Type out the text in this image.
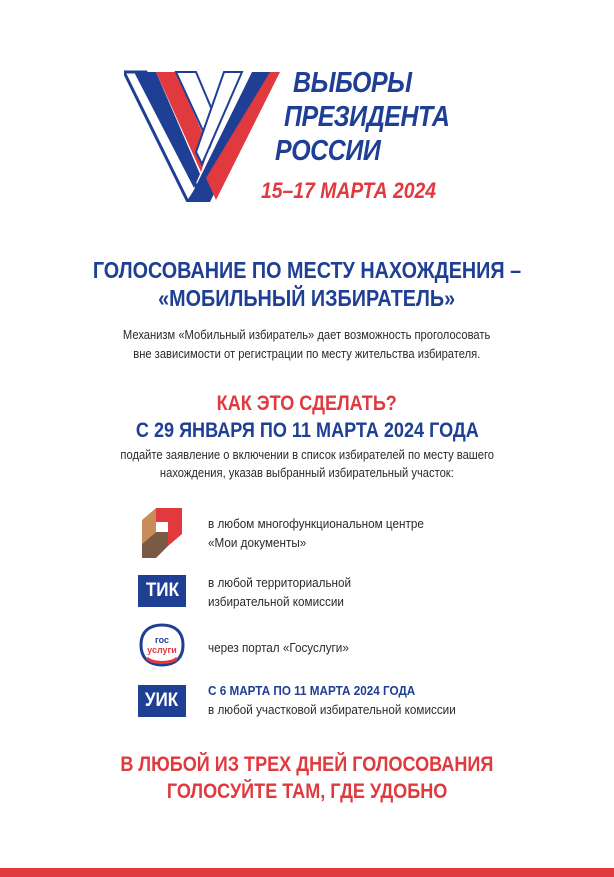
ВЫБОРЫ
ПРЕЗИДЕНТА
РОССИИ
15–17 МАРТА 2024
ГОЛОСОВАНИЕ ПО МЕСТУ НАХОЖДЕНИЯ –
«МОБИЛЬНЫЙ ИЗБИРАТЕЛЬ»
Механизм «Мобильный избиратель» дает возможность проголосовать
вне зависимости от регистрации по месту жительства избирателя.
КАК ЭТО СДЕЛАТЬ?
С 29 ЯНВАРЯ ПО 11 МАРТА 2024 ГОДА
подайте заявление о включении в список избирателей по месту вашего
нахождения, указав выбранный избирательный участок:
в любом многофункциональном центре
«Мои документы»
ТИК	в любой территориальной
избирательной комиссии
гос
услуги через портал «Госуслуги»
УИК	С 6 МАРТА ПО 11 МАРТА 2024 ГОДА
в любой участковой избирательной комиссии
В ЛЮБОЙ ИЗ ТРЕХ ДНЕЙ ГОЛОСОВАНИЯ
ГОЛОСУЙТЕ ТАМ, ГДЕ УДОБНО
